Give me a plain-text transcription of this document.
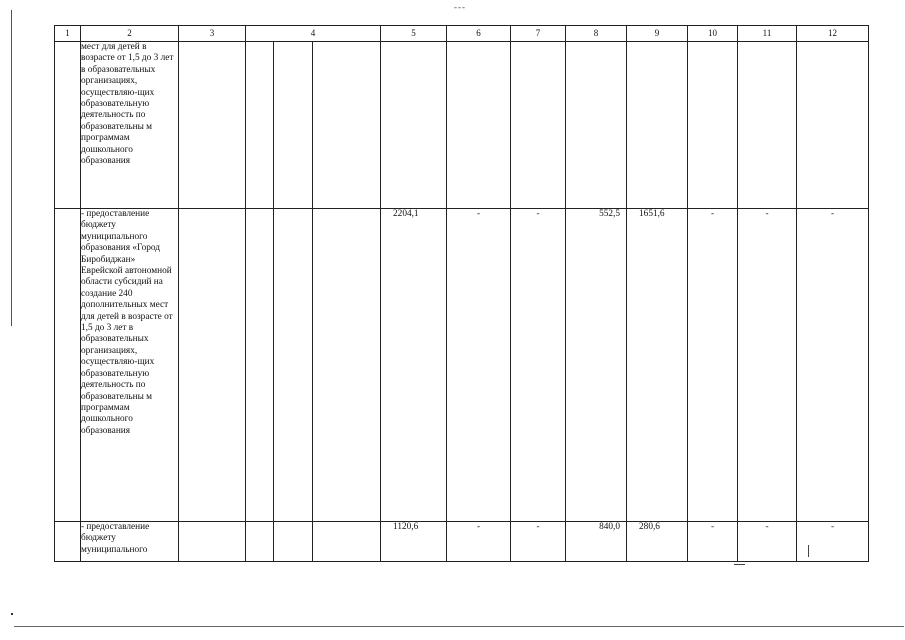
---
1	2	3	4			5	6	7	8	9	10	11	12
	мест для детей в возрасте от 1,5 до 3 лет в образовательных организациях, осуществляю-щих образовательную деятельность по образовательны м программам дошкольного образования												
	- предоставление бюджету муниципального образования «Город Биробиджан» Еврейской автономной области субсидий на создание 240 дополнительных мест для детей в возрасте от 1,5 до 3 лет в образовательных организациях, осуществляю-щих образовательную деятельность по образовательны м программам дошкольного образования					2204,1	-	-	552,5	1651,6	-	-	-
	- предоставление бюджету муниципального					1120,6	-	-	840,0	280,6	-	-	-
